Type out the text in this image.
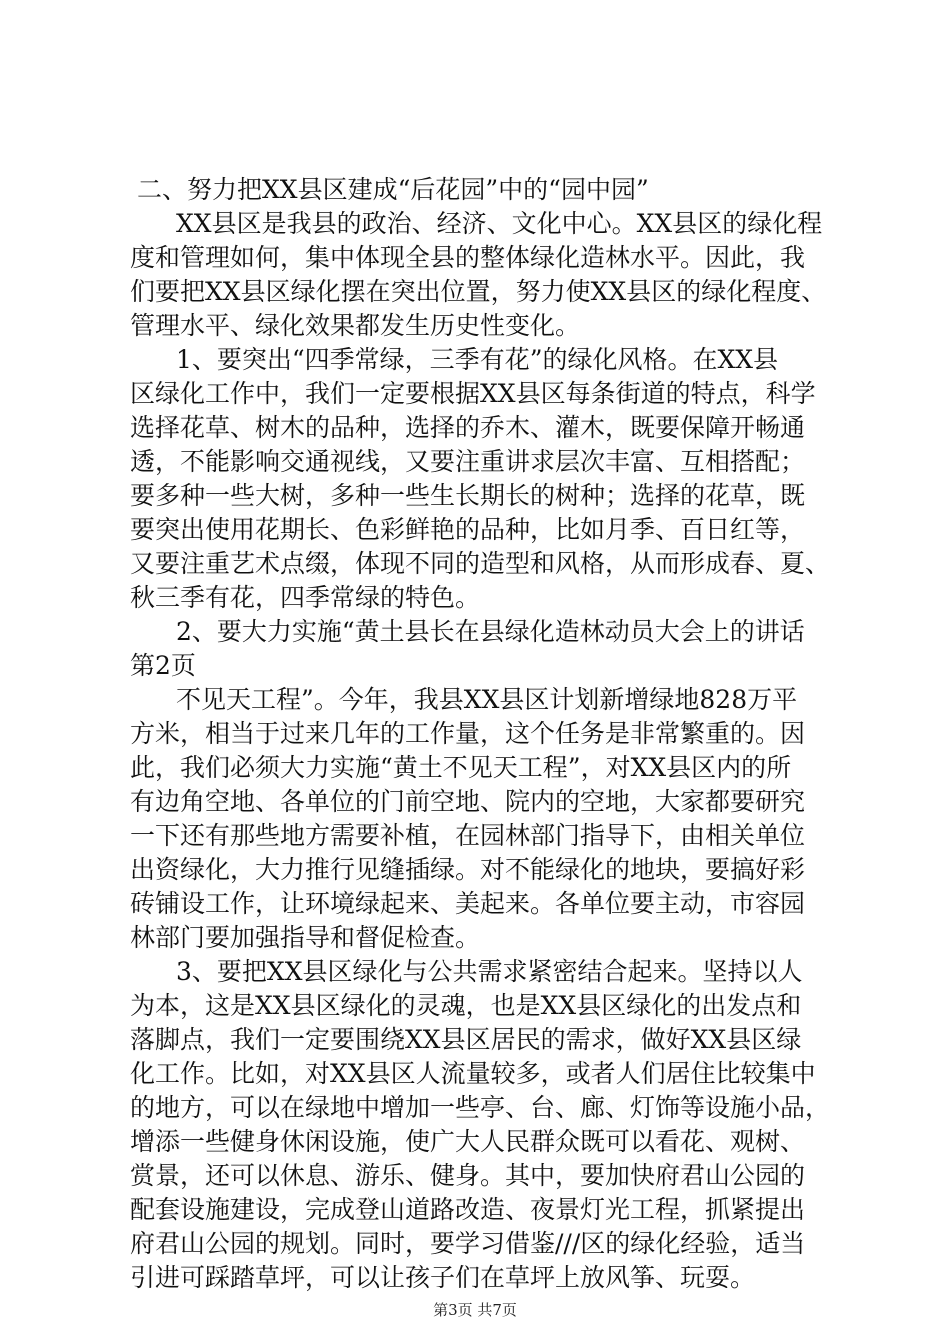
二、努力把XX县区建成“后花园”中的“园中园”
XX县区是我县的政治、经济、文化中心。XX县区的绿化程
度和管理如何，集中体现全县的整体绿化造林水平。因此，我
们要把XX县区绿化摆在突出位置，努力使XX县区的绿化程度、
管理水平、绿化效果都发生历史性变化。
1、要突出“四季常绿，三季有花”的绿化风格。在XX县
区绿化工作中，我们一定要根据XX县区每条街道的特点，科学
选择花草、树木的品种，选择的乔木、灌木，既要保障开畅通
透，不能影响交通视线，又要注重讲求层次丰富、互相搭配；
要多种一些大树，多种一些生长期长的树种；选择的花草，既
要突出使用花期长、色彩鲜艳的品种，比如月季、百日红等，
又要注重艺术点缀，体现不同的造型和风格，从而形成春、夏、
秋三季有花，四季常绿的特色。
2、要大力实施“黄土县长在县绿化造林动员大会上的讲话
第2页
不见天工程”。今年，我县XX县区计划新增绿地828万平
方米，相当于过来几年的工作量，这个任务是非常繁重的。因
此，我们必须大力实施“黄土不见天工程”，对XX县区内的所
有边角空地、各单位的门前空地、院内的空地，大家都要研究
一下还有那些地方需要补植，在园林部门指导下，由相关单位
出资绿化，大力推行见缝插绿。对不能绿化的地块，要搞好彩
砖铺设工作，让环境绿起来、美起来。各单位要主动，市容园
林部门要加强指导和督促检查。
3、要把XX县区绿化与公共需求紧密结合起来。坚持以人
为本，这是XX县区绿化的灵魂，也是XX县区绿化的出发点和
落脚点，我们一定要围绕XX县区居民的需求，做好XX县区绿
化工作。比如，对XX县区人流量较多，或者人们居住比较集中
的地方，可以在绿地中增加一些亭、台、廊、灯饰等设施小品，
增添一些健身休闲设施，使广大人民群众既可以看花、观树、
赏景，还可以休息、游乐、健身。其中，要加快府君山公园的
配套设施建设，完成登山道路改造、夜景灯光工程，抓紧提出
府君山公园的规划。同时，要学习借鉴///区的绿化经验，适当
引进可踩踏草坪，可以让孩子们在草坪上放风筝、玩耍。
第3页 共7页
